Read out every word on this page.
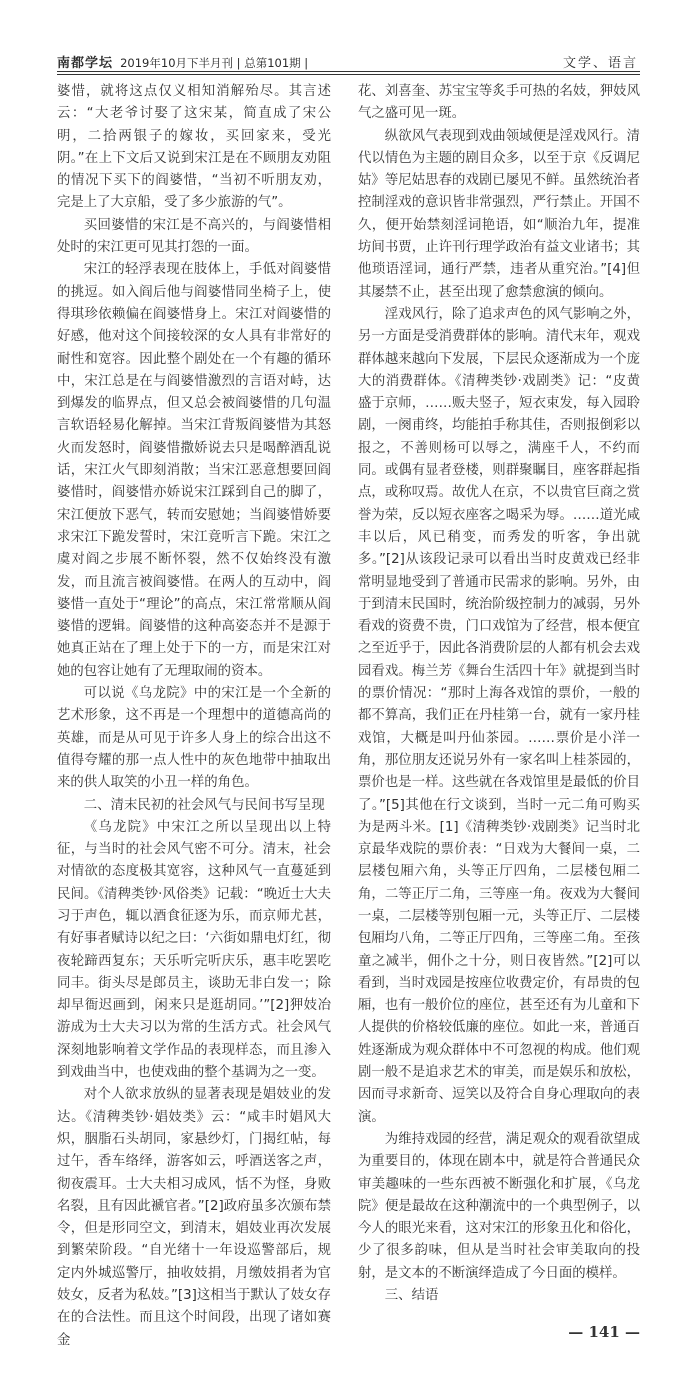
南都学坛 2019年10月下半月刊 | 总第101期 |	文学、语言

婆惜，就将这点仅义相知消解殆尽。其言述云：“大老爷讨娶了这宋某，简直成了宋公明，二拾两银子的嫁妆，买回家来，受光阴。”在上下文后又说到宋江是在不顾朋友劝阻的情况下买下的阎婆惜，“当初不听朋友劝，完是上了大京船，受了多少旅游的气”。

买回婆惜的宋江是不高兴的，与阎婆惜相处时的宋江更可见其打怨的一面。

宋江的轻浮表现在肢体上，手低对阎婆惜的挑逗。如入阎后他与阎婆惜同坐椅子上，使得琪珍依赖偏在阎婆惜身上。宋江对阎婆惜的好感，他对这个间接较深的女人具有非常好的耐性和宽容。因此整个剧处在一个有趣的循环中，宋江总是在与阎婆惜激烈的言语对峙，达到爆发的临界点，但又总会被阎婆惜的几句温言软语轻易化解掉。当宋江背叛阎婆惜为其怒火而发怒时，阎婆惜撒娇说去只是喝醉酒乱说话，宋江火气即刻消散；当宋江恶意想要回阎婆惜时，阎婆惜亦娇说宋江踩到自己的脚了，宋江便放下恶气，转而安慰她；当阎婆惜娇要求宋江下跪发誓时，宋江竟听言下跪。宋江之虞对阎之步展不断怀裂，然不仅始终没有激发，而且流言被阎婆惜。在两人的互动中，阎婆惜一直处于“理论”的高点，宋江常常顺从阎婆惜的逻辑。阎婆惜的这种高姿态并不是源于她真正站在了理上处于下的一方，而是宋江对她的包容让她有了无理取闹的资本。

可以说《乌龙院》中的宋江是一个全新的艺术形象，这不再是一个理想中的道德高尚的英雄，而是从可见于许多人身上的综合出这不值得夸耀的那一点人性中的灰色地带中抽取出来的供人取笑的小丑一样的角色。

二、清末民初的社会风气与民间书写呈现

《乌龙院》中宋江之所以呈现出以上特征，与当时的社会风气密不可分。清末，社会对情欲的态度极其宽容，这种风气一直蔓延到民间。《清稗类钞·风俗类》记载：“晚近士大夫习于声色，辄以酒食征逐为乐，而京师尤甚，有好事者赋诗以纪之曰：‘六街如鼎电灯红，彻夜轮蹄西复东；天乐听完听庆乐，惠丰吃罢吃同丰。街头尽是郎员主，谈助无非白发一；除却早衙迟画到，闲来只是逛胡同。’”[2]狎妓冶游成为士大夫习以为常的生活方式。社会风气深刻地影响着文学作品的表现样态，而且渗入到戏曲当中，也使戏曲的整个基调为之一变。

对个人欲求放纵的显著表现是娼妓业的发达。《清稗类钞·娼妓类》云：“咸丰时娼风大炽，胭脂石头胡同，家悬纱灯，门揭红帖，每过午，香车络绎，游客如云，呼酒送客之声，彻夜震耳。士大夫相习成风，恬不为怪，身败名裂，且有因此褫官者。”[2]政府虽多次颁布禁令，但是形同空文，到清末，娼妓业再次发展到繁荣阶段。“自光绪十一年设巡警部后，规定内外城巡警厅，抽收妓捐，月缴妓捐者为官妓女，反者为私妓。”[3]这相当于默认了妓女存在的合法性。而且这个时间段，出现了诸如赛金

花、刘喜奎、苏宝宝等炙手可热的名妓，狎妓风气之盛可见一斑。

纵欲风气表现到戏曲领域便是淫戏风行。清代以情色为主题的剧目众多，以至于京《反调尼姑》等尼姑思春的戏剧已屡见不鲜。虽然统治者控制淫戏的意识皆非常强烈，严行禁止。开国不久，便开始禁刻淫词艳语，如“顺治九年，提准坊间书贾，止许刊行理学政治有益文业诸书；其他琐语淫词，通行严禁，违者从重究治。”[4]但其屡禁不止，甚至出现了愈禁愈演的倾向。

淫戏风行，除了追求声色的风气影响之外，另一方面是受消费群体的影响。清代末年，观戏群体越来越向下发展，下层民众逐渐成为一个庞大的消费群体。《清稗类钞·戏剧类》记：“皮黄盛于京师，……贩夫竖子，短衣束发，每入园聆剧，一阕甫终，均能拍手称其佳，否则报倒彩以报之，不善则杨可以辱之，满座千人，不约而同。或偶有显者登楼，则群聚瞩目，座客群起指点，或称叹焉。故优人在京，不以贵官巨商之赏誉为荣，反以短衣座客之喝采为辱。……道光咸丰以后，风已稍变，而秀发的听客，争出就多。”[2]从该段记录可以看出当时皮黄戏已经非常明显地受到了普通市民需求的影响。另外，由于到清末民国时，统治阶级控制力的减弱，另外看戏的资费不贵，门口戏馆为了经营，根本便宜之至近乎于，因此各消费阶层的人都有机会去戏园看戏。梅兰芳《舞台生活四十年》就提到当时的票价情况：“那时上海各戏馆的票价，一般的都不算高，我们正在丹桂第一台，就有一家丹桂戏馆，大概是叫丹仙茶园。……票价是小洋一角，那位朋友还说另外有一家名叫上桂茶园的，票价也是一样。这些就在各戏馆里是最低的价目了。”[5]其他在行文谈到，当时一元二角可购买为是两斗米。[1]《清稗类钞·戏剧类》记当时北京最华戏院的票价表：“日戏为大餐间一桌，二层楼包厢六角，头等正厅四角，二层楼包厢二角，二等正厅二角，三等座一角。夜戏为大餐间一桌，二层楼等别包厢一元，头等正厅、二层楼包厢均八角，二等正厅四角，三等座二角。至孩童之减半，佣仆之十分，则日夜皆然。”[2]可以看到，当时戏园是按座位收费定价，有昂贵的包厢，也有一般价位的座位，甚至还有为儿童和下人提供的价格较低廉的座位。如此一来，普通百姓逐渐成为观众群体中不可忽视的构成。他们观剧一般不是追求艺术的审美，而是娱乐和放松，因而寻求新奇、逗笑以及符合自身心理取向的表演。

为维持戏园的经营，满足观众的观看欲望成为重要目的，体现在剧本中，就是符合普通民众审美趣味的一些东西被不断强化和扩展，《乌龙院》便是最故在这种潮流中的一个典型例子，以今人的眼光来看，这对宋江的形象丑化和俗化，少了很多韵味，但从是当时社会审美取向的投射，是文本的不断演绎造成了今日面的模样。

三、结语
— 141 —
